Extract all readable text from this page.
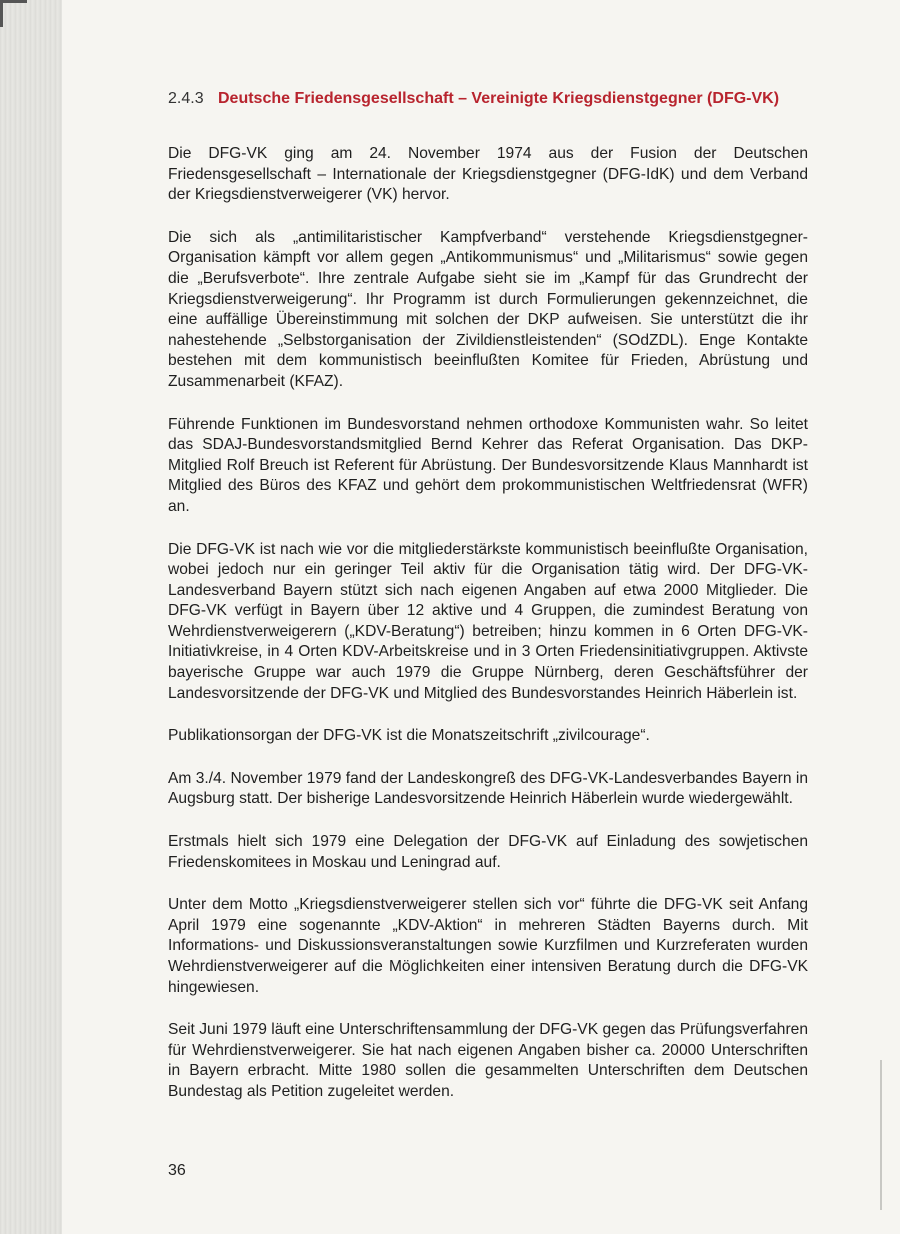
2.4.3 Deutsche Friedensgesellschaft – Vereinigte Kriegsdienstgegner (DFG-VK)

Die DFG-VK ging am 24. November 1974 aus der Fusion der Deutschen Friedensgesellschaft – Internationale der Kriegsdienstgegner (DFG-IdK) und dem Verband der Kriegsdienstverweigerer (VK) hervor.

Die sich als „antimilitaristischer Kampfverband“ verstehende Kriegsdienstgegner-Organisation kämpft vor allem gegen „Antikommunismus“ und „Militarismus“ sowie gegen die „Berufsverbote“. Ihre zentrale Aufgabe sieht sie im „Kampf für das Grundrecht der Kriegsdienstverweigerung“. Ihr Programm ist durch Formulierungen gekennzeichnet, die eine auffällige Übereinstimmung mit solchen der DKP aufweisen. Sie unterstützt die ihr nahestehende „Selbstorganisation der Zivildienstleistenden“ (SOdZDL). Enge Kontakte bestehen mit dem kommunistisch beeinflußten Komitee für Frieden, Abrüstung und Zusammenarbeit (KFAZ).

Führende Funktionen im Bundesvorstand nehmen orthodoxe Kommunisten wahr. So leitet das SDAJ-Bundesvorstandsmitglied Bernd Kehrer das Referat Organisation. Das DKP-Mitglied Rolf Breuch ist Referent für Abrüstung. Der Bundesvorsitzende Klaus Mannhardt ist Mitglied des Büros des KFAZ und gehört dem prokommunistischen Weltfriedensrat (WFR) an.

Die DFG-VK ist nach wie vor die mitgliederstärkste kommunistisch beeinflußte Organisation, wobei jedoch nur ein geringer Teil aktiv für die Organisation tätig wird. Der DFG-VK-Landesverband Bayern stützt sich nach eigenen Angaben auf etwa 2000 Mitglieder. Die DFG-VK verfügt in Bayern über 12 aktive und 4 Gruppen, die zumindest Beratung von Wehrdienstverweigerern („KDV-Beratung“) betreiben; hinzu kommen in 6 Orten DFG-VK-Initiativkreise, in 4 Orten KDV-Arbeitskreise und in 3 Orten Friedensinitiativgruppen. Aktivste bayerische Gruppe war auch 1979 die Gruppe Nürnberg, deren Geschäftsführer der Landesvorsitzende der DFG-VK und Mitglied des Bundesvorstandes Heinrich Häberlein ist.

Publikationsorgan der DFG-VK ist die Monatszeitschrift „zivilcourage“.

Am 3./4. November 1979 fand der Landeskongreß des DFG-VK-Landesverbandes Bayern in Augsburg statt. Der bisherige Landesvorsitzende Heinrich Häberlein wurde wiedergewählt.

Erstmals hielt sich 1979 eine Delegation der DFG-VK auf Einladung des sowjetischen Friedenskomitees in Moskau und Leningrad auf.

Unter dem Motto „Kriegsdienstverweigerer stellen sich vor“ führte die DFG-VK seit Anfang April 1979 eine sogenannte „KDV-Aktion“ in mehreren Städten Bayerns durch. Mit Informations- und Diskussionsveranstaltungen sowie Kurzfilmen und Kurzreferaten wurden Wehrdienstverweigerer auf die Möglichkeiten einer intensiven Beratung durch die DFG-VK hingewiesen.

Seit Juni 1979 läuft eine Unterschriftensammlung der DFG-VK gegen das Prüfungsverfahren für Wehrdienstverweigerer. Sie hat nach eigenen Angaben bisher ca. 20000 Unterschriften in Bayern erbracht. Mitte 1980 sollen die gesammelten Unterschriften dem Deutschen Bundestag als Petition zugeleitet werden.

36
